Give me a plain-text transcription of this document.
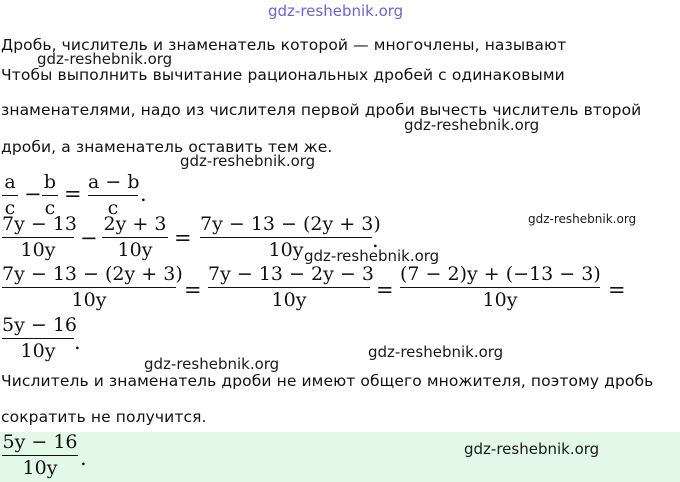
gdz-reshebnik.org
Дробь, числитель и знаменатель которой — многочлены, называют
Чтобы выполнить вычитание рациональных дробей с одинаковыми
знаменателями, надо из числителя первой дроби вычесть числитель второй
дроби, а знаменатель оставить тем же.
a
c
− b
c
= a − b
c
.
7y − 13
10y	−
2y + 3
10y	=
7y − 13 − (2y + 3)
10y	.
7y − 13 − (2y + 3)
10y	=
7y − 13 − 2y − 3
10y	=
(7 − 2)y + (−13 − 3)
10y	=
5y − 16
10y .
Числитель и знаменатель дроби не имеют общего множителя, поэтому дробь
сократить не получится.
5y − 16
10y	.
gdz-reshebnik.org
gdz-reshebnik.org
gdz-reshebnik.org
gdz-reshebnik.org
gdz-reshebnik.org
gdz-reshebnik.org
gdz-reshebnik.org
gdz-reshebnik.org
